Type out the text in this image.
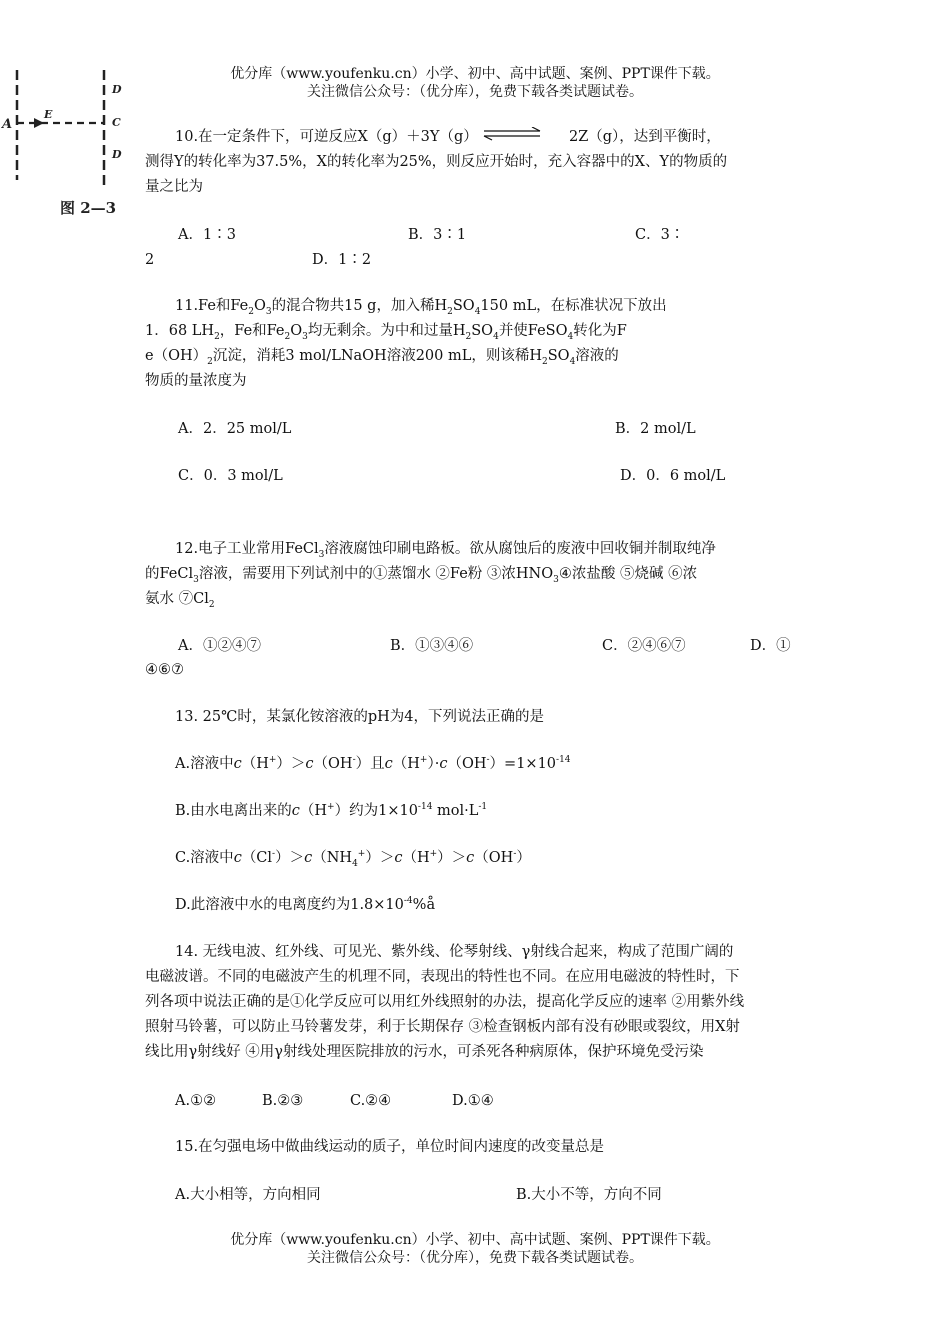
优分库（www.youfenku.cn）小学、初中、高中试题、案例、PPT课件下载。
关注微信公众号：（优分库），免费下载各类试题试卷。
A
E
D
C
D
图 2—3
10.在一定条件下，可逆反应X（g）＋3Y（g）	2Z（g），达到平衡时，
测得Y的转化率为37.5%，X的转化率为25%，则反应开始时，充入容器中的X、Y的物质的
量之比为
A．1∶3	B．3∶1	C．3∶
2	D．1∶2
11.Fe和$Fe_2O_3$的混合物共15 g，加入稀$H_2SO_4150$ mL，在标准状况下放出
1．68 $LH_2$，Fe和$Fe_2O_3$均无剩余。为中和过量$H_2SO_4$并使FeSO$_4$转化为F
$e(OH)_2$沉淀，消耗3 mol/LNaOH溶液200 mL，则该稀$H_2SO_4$溶液的
物质的量浓度为
A．2．25 mol/L	B．2 mol/L
C．0．3 mol/L	D．0．6 mol/L
12.电子工业常用FeCl$_3$溶液腐蚀印刷电路板。欲从腐蚀后的废液中回收铜并制取纯净
的FeCl$_3$溶液，需要用下列试剂中的①蒸馏水 ②Fe粉 ③浓$HNO_3④$浓盐酸 ⑤烧碱 ⑥浓
氨水 $⑦Cl_2$
A．①②④⑦	B．①③④⑥	C．②④⑥⑦	D．①
④⑥⑦
13. 25℃时，某氯化铵溶液的pH为4，下列说法正确的是
A.溶液中c（H+）＞c（OH-）且$c(H^+)\cdot c(OH^-)=1\times 10^{-14}$
B.由水电离出来的c（H+）约为$1\times 10^{-14}$ $mol\cdot L^{-1}$
C.溶液中$c(Cl^-)>c(NH_4^+)>c(H^+)>c(OH^-)$
D.此溶液中水的电离度约为$1.8\times 10^{-4}\%å$
14. 无线电波、红外线、可见光、紫外线、伦琴射线、γ射线合起来，构成了范围广阔的
电磁波谱。不同的电磁波产生的机理不同，表现出的特性也不同。在应用电磁波的特性时，下
列各项中说法正确的是①化学反应可以用红外线照射的办法，提高化学反应的速率 ②用紫外线
照射马铃薯，可以防止马铃薯发芽，利于长期保存 ③检查钢板内部有没有砂眼或裂纹，用X射
线比用γ射线好 ④用γ射线处理医院排放的污水，可杀死各种病原体，保护环境免受污染
A.①②	B.②③	C.②④	D.①④
15.在匀强电场中做曲线运动的质子，单位时间内速度的改变量总是
A.大小相等，方向相同	B.大小不等，方向不同
优分库（www.youfenku.cn）小学、初中、高中试题、案例、PPT课件下载。
关注微信公众号：（优分库），免费下载各类试题试卷。
